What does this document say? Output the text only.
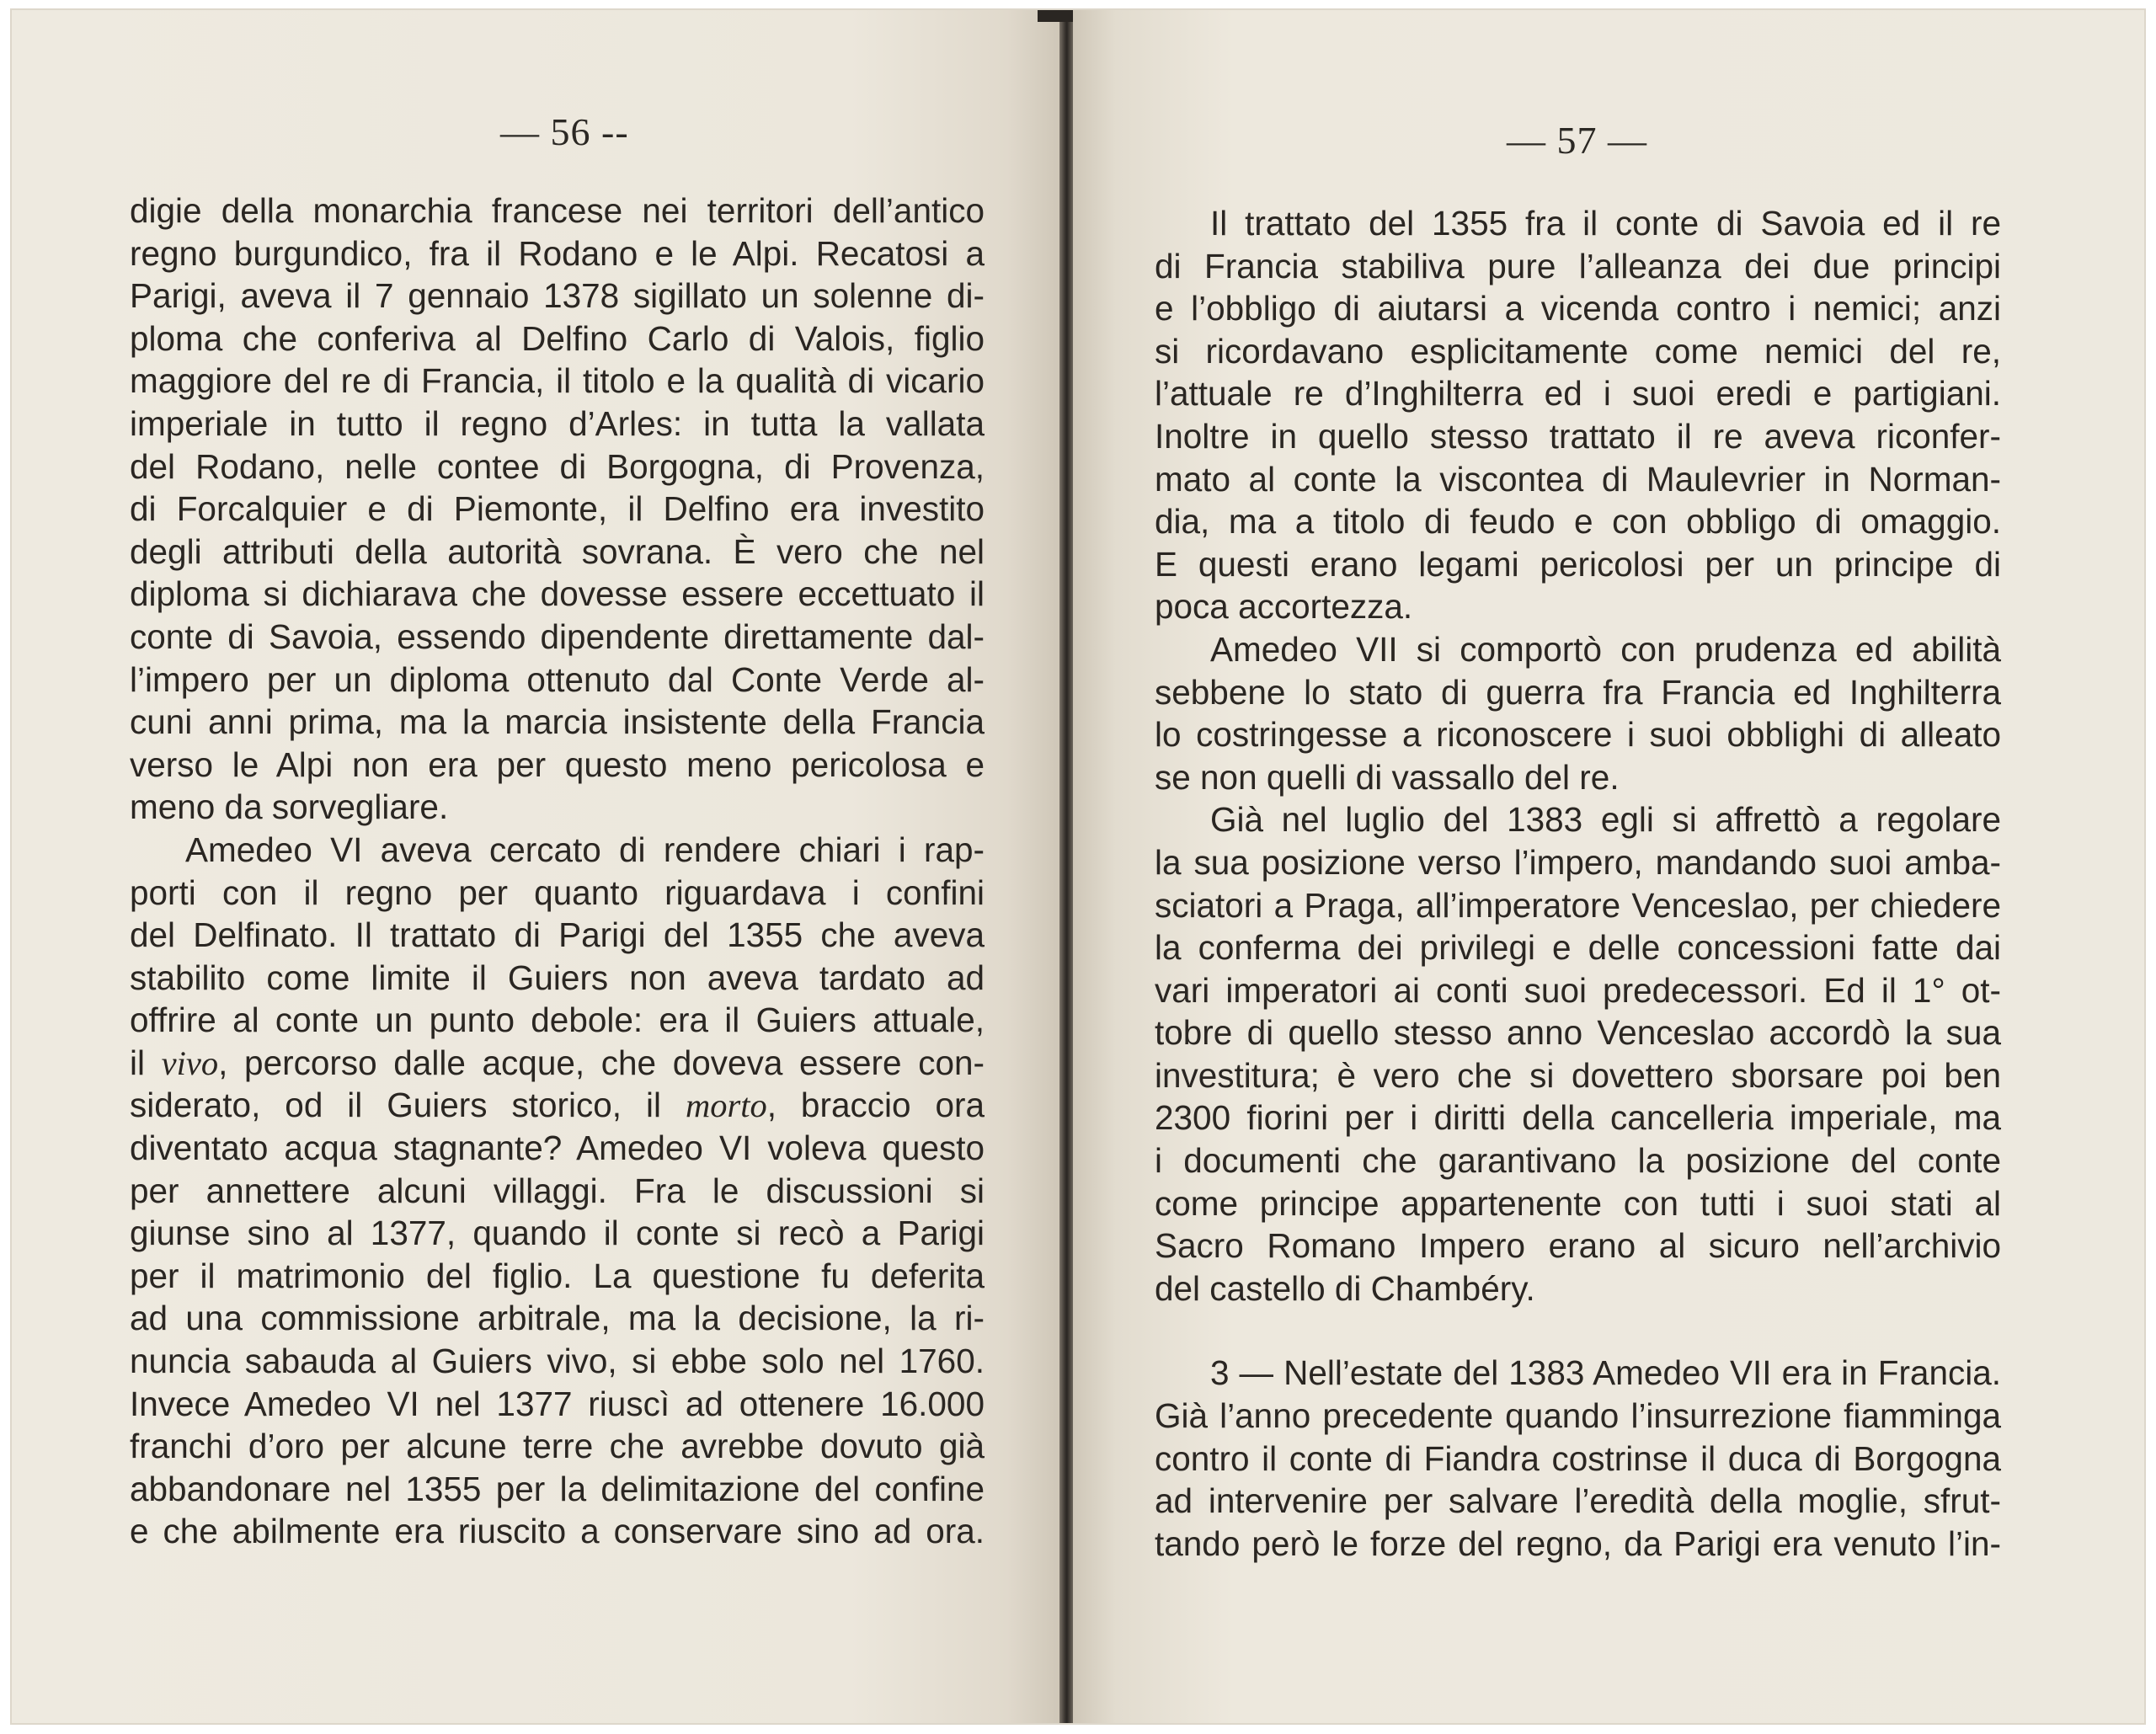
— 56 --
digie della monarchia francese nei territori dell’antico
regno burgundico, fra il Rodano e le Alpi. Recatosi a
Parigi, aveva il 7 gennaio 1378 sigillato un solenne di-
ploma che conferiva al Delfino Carlo di Valois, figlio
maggiore del re di Francia, il titolo e la qualità di vicario
imperiale in tutto il regno d’Arles: in tutta la vallata
del Rodano, nelle contee di Borgogna, di Provenza,
di Forcalquier e di Piemonte, il Delfino era investito
degli attributi della autorità sovrana. È vero che nel
diploma si dichiarava che dovesse essere eccettuato il
conte di Savoia, essendo dipendente direttamente dal-
l’impero per un diploma ottenuto dal Conte Verde al-
cuni anni prima, ma la marcia insistente della Francia
verso le Alpi non era per questo meno pericolosa e
meno da sorvegliare.
Amedeo VI aveva cercato di rendere chiari i rap-
porti con il regno per quanto riguardava i confini
del Delfinato. Il trattato di Parigi del 1355 che aveva
stabilito come limite il Guiers non aveva tardato ad
offrire al conte un punto debole: era il Guiers attuale,
il vivo, percorso dalle acque, che doveva essere con-
siderato, od il Guiers storico, il morto, braccio ora
diventato acqua stagnante? Amedeo VI voleva questo
per annettere alcuni villaggi. Fra le discussioni si
giunse sino al 1377, quando il conte si recò a Parigi
per il matrimonio del figlio. La questione fu deferita
ad una commissione arbitrale, ma la decisione, la ri-
nuncia sabauda al Guiers vivo, si ebbe solo nel 1760.
Invece Amedeo VI nel 1377 riuscì ad ottenere 16.000
franchi d’oro per alcune terre che avrebbe dovuto già
abbandonare nel 1355 per la delimitazione del confine
e che abilmente era riuscito a conservare sino ad ora.
— 57 —
Il trattato del 1355 fra il conte di Savoia ed il re
di Francia stabiliva pure l’alleanza dei due principi
e l’obbligo di aiutarsi a vicenda contro i nemici; anzi
si ricordavano esplicitamente come nemici del re,
l’attuale re d’Inghilterra ed i suoi eredi e partigiani.
Inoltre in quello stesso trattato il re aveva riconfer-
mato al conte la viscontea di Maulevrier in Norman-
dia, ma a titolo di feudo e con obbligo di omaggio.
E questi erano legami pericolosi per un principe di
poca accortezza.
Amedeo VII si comportò con prudenza ed abilità
sebbene lo stato di guerra fra Francia ed Inghilterra
lo costringesse a riconoscere i suoi obblighi di alleato
se non quelli di vassallo del re.
Già nel luglio del 1383 egli si affrettò a regolare
la sua posizione verso l’impero, mandando suoi amba-
sciatori a Praga, all’imperatore Venceslao, per chiedere
la conferma dei privilegi e delle concessioni fatte dai
vari imperatori ai conti suoi predecessori. Ed il 1° ot-
tobre di quello stesso anno Venceslao accordò la sua
investitura; è vero che si dovettero sborsare poi ben
2300 fiorini per i diritti della cancelleria imperiale, ma
i documenti che garantivano la posizione del conte
come principe appartenente con tutti i suoi stati al
Sacro Romano Impero erano al sicuro nell’archivio
del castello di Chambéry.
3 — Nell’estate del 1383 Amedeo VII era in Francia.
Già l’anno precedente quando l’insurrezione fiamminga
contro il conte di Fiandra costrinse il duca di Borgogna
ad intervenire per salvare l’eredità della moglie, sfrut-
tando però le forze del regno, da Parigi era venuto l’in-
